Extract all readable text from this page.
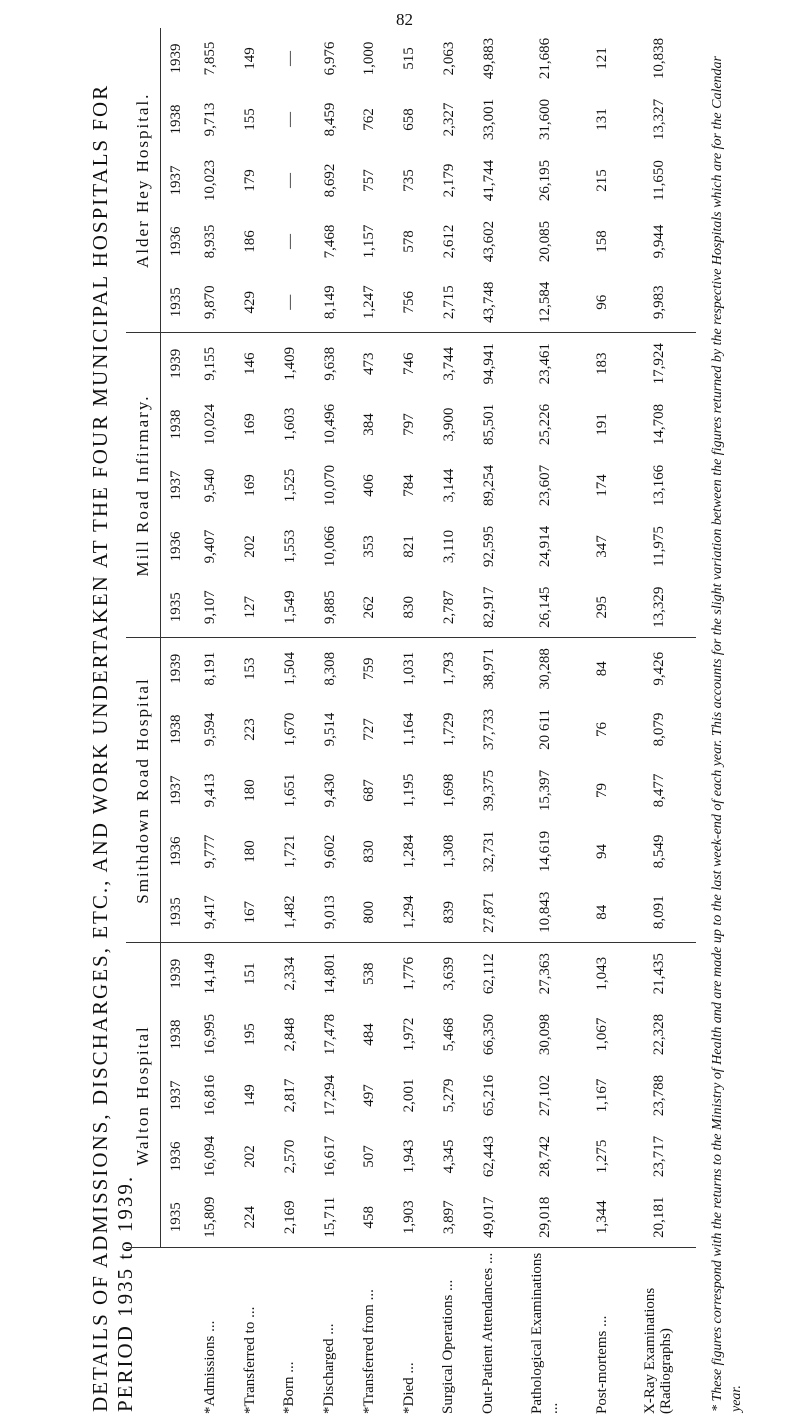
82
DETAILS OF ADMISSIONS, DISCHARGES, ETC., AND WORK UNDERTAKEN AT THE FOUR MUNICIPAL HOSPITALS FOR PERIOD 1935 to 1939.
	Walton Hospital					Smithdown Road Hospital					Mill Road Infirmary.					Alder Hey Hospital.				
	1935	1936	1937	1938	1939	1935	1936	1937	1938	1939	1935	1936	1937	1938	1939	1935	1936	1937	1938	1939
*Admissions ...	15,809	16,094	16,816	16,995	14,149	9,417	9,777	9,413	9,594	8,191	9,107	9,407	9,540	10,024	9,155	9,870	8,935	10,023	9,713	7,855
*Transferred to ...	224	202	149	195	151	167	180	180	223	153	127	202	169	169	146	429	186	179	155	149
*Born ...	2,169	2,570	2,817	2,848	2,334	1,482	1,721	1,651	1,670	1,504	1,549	1,553	1,525	1,603	1,409	—	—	—	—	—
*Discharged ...	15,711	16,617	17,294	17,478	14,801	9,013	9,602	9,430	9,514	8,308	9,885	10,066	10,070	10,496	9,638	8,149	7,468	8,692	8,459	6,976
*Transferred from ...	458	507	497	484	538	800	830	687	727	759	262	353	406	384	473	1,247	1,157	757	762	1,000
*Died ...	1,903	1,943	2,001	1,972	1,776	1,294	1,284	1,195	1,164	1,031	830	821	784	797	746	756	578	735	658	515
Surgical Operations ...	3,897	4,345	5,279	5,468	3,639	839	1,308	1,698	1,729	1,793	2,787	3,110	3,144	3,900	3,744	2,715	2,612	2,179	2,327	2,063
Out-Patient Attendances ...	49,017	62,443	65,216	66,350	62,112	27,871	32,731	39,375	37,733	38,971	82,917	92,595	89,254	85,501	94,941	43,748	43,602	41,744	33,001	49,883
Pathological Examinations ...	29,018	28,742	27,102	30,098	27,363	10,843	14,619	15,397	20 611	30,288	26,145	24,914	23,607	25,226	23,461	12,584	20,085	26,195	31,600	21,686
Post-mortems ...	1,344	1,275	1,167	1,067	1,043	84	94	79	76	84	295	347	174	191	183	96	158	215	131	121
X-Ray Examinations (Radiographs)	20,181	23,717	23,788	22,328	21,435	8,091	8,549	8,477	8,079	9,426	13,329	11,975	13,166	14,708	17,924	9,983	9,944	11,650	13,327	10,838	* These figures correspond with the returns to the Ministry of Health and are made up to the last week-end of each year. This accounts for the slight variation between the figures returned by the respective Hospitals which are for the Calendar year.
